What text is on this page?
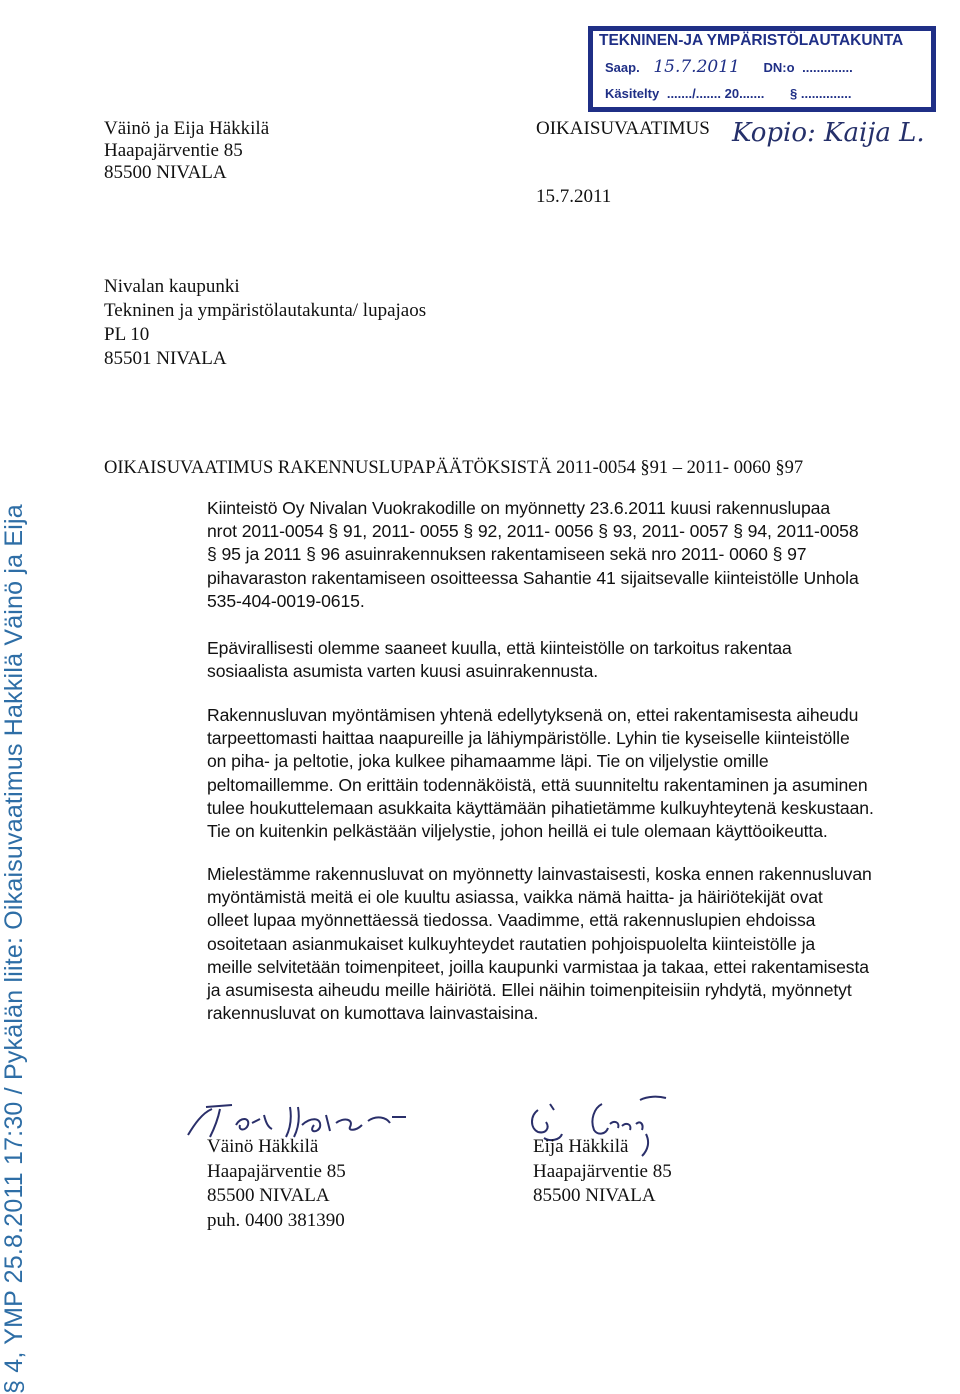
§ 4, YMP 25.8.2011 17:30 / Pykälän liite: Oikaisuvaatimus Hakkilä Väinö ja Eija
TEKNINEN-JA YMPÄRISTÖLAUTAKUNTA
Saap. 15.7.2011 DN:o ..............
Käsitelty ......./....... 20....... § ..............
Väinö ja Eija Häkkilä
Haapajärventie 85
85500 NIVALA
OIKAISUVAATIMUS Kopio: Kaija L.
15.7.2011
Nivalan kaupunki
Tekninen ja ympäristölautakunta/ lupajaos
PL 10
85501 NIVALA
OIKAISUVAATIMUS RAKENNUSLUPAPÄÄTÖKSISTÄ 2011-0054 §91 – 2011- 0060 §97
Kiinteistö Oy Nivalan Vuokrakodille on myönnetty 23.6.2011 kuusi rakennuslupaa
nrot 2011-0054 § 91, 2011- 0055 § 92, 2011- 0056 § 93, 2011- 0057 § 94, 2011-0058
§ 95 ja 2011 § 96 asuinrakennuksen rakentamiseen sekä nro 2011- 0060 § 97
pihavaraston rakentamiseen osoitteessa Sahantie 41 sijaitsevalle kiinteistölle Unhola
535-404-0019-0615.
Epävirallisesti olemme saaneet kuulla, että kiinteistölle on tarkoitus rakentaa
sosiaalista asumista varten kuusi asuinrakennusta.
Rakennusluvan myöntämisen yhtenä edellytyksenä on, ettei rakentamisesta aiheudu
tarpeettomasti haittaa naapureille ja lähiympäristölle. Lyhin tie kyseiselle kiinteistölle
on piha- ja peltotie, joka kulkee pihamaamme läpi. Tie on viljelystie omille
peltomaillemme. On erittäin todennäköistä, että suunniteltu rakentaminen ja asuminen
tulee houkuttelemaan asukkaita käyttämään pihatietämme kulkuyhteytenä keskustaan.
Tie on kuitenkin pelkästään viljelystie, johon heillä ei tule olemaan käyttöoikeutta.
Mielestämme rakennusluvat on myönnetty lainvastaisesti, koska ennen rakennusluvan
myöntämistä meitä ei ole kuultu asiassa, vaikka nämä haitta- ja häiriötekijät ovat
olleet lupaa myönnettäessä tiedossa. Vaadimme, että rakennuslupien ehdoissa
osoitetaan asianmukaiset kulkuyhteydet rautatien pohjoispuolelta kiinteistölle ja
meille selvitetään toimenpiteet, joilla kaupunki varmistaa ja takaa, ettei rakentamisesta
ja asumisesta aiheudu meille häiriötä. Ellei näihin toimenpiteisiin ryhdytä, myönnetyt
rakennusluvat on kumottava lainvastaisina.
Väinö Häkkilä
Haapajärventie 85
85500 NIVALA
puh. 0400 381390
Eija Häkkilä
Haapajärventie 85
85500 NIVALA
